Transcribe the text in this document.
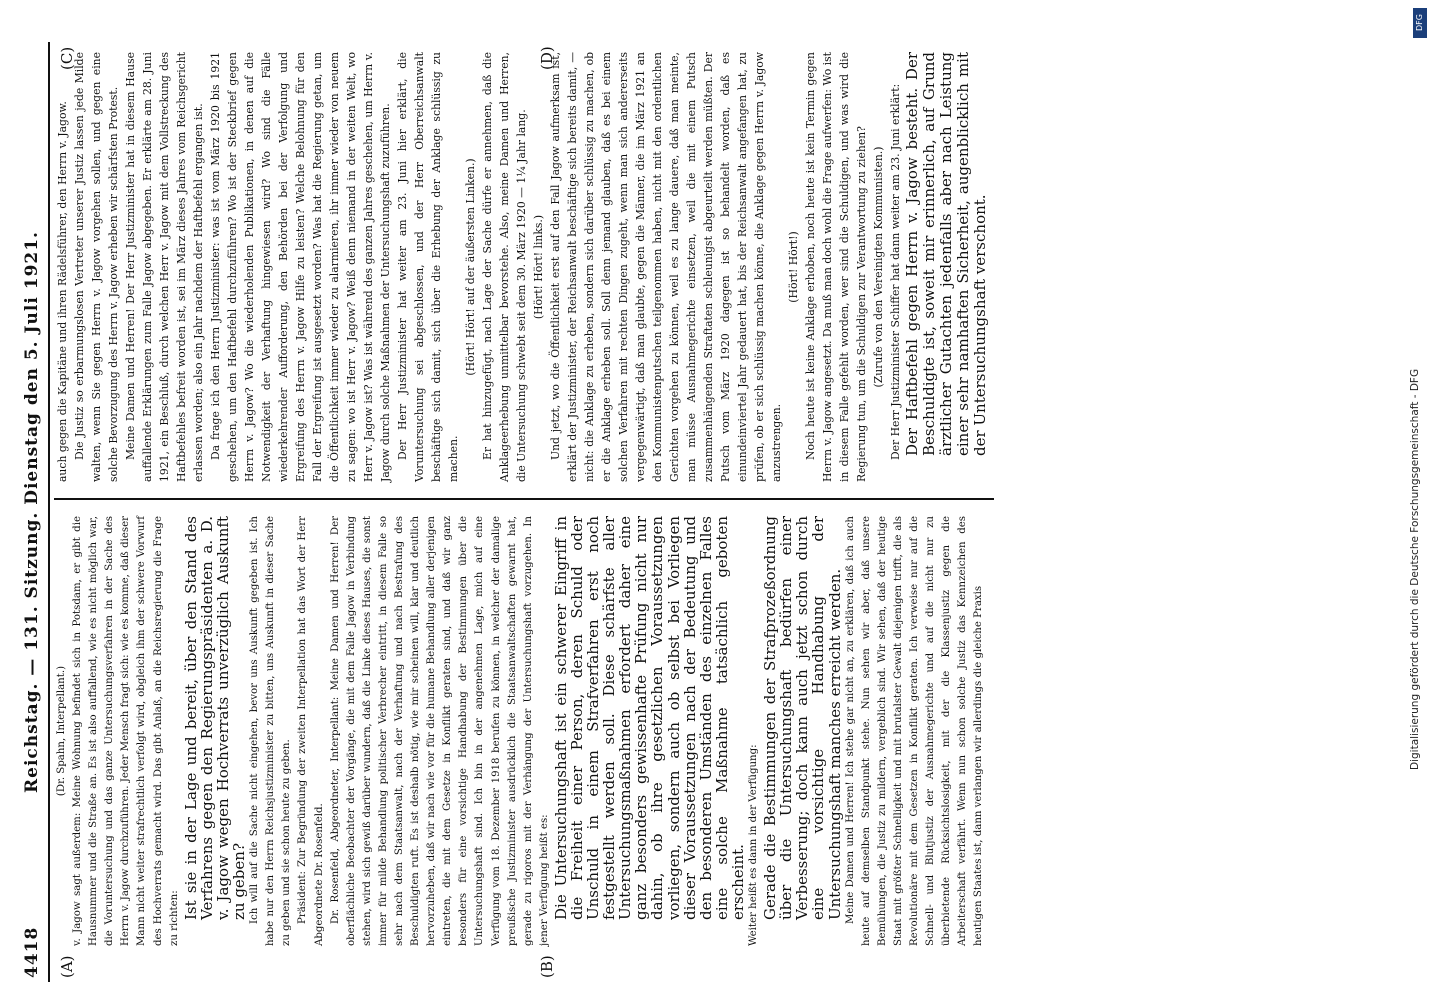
4418
Reichstag. — 131. Sitzung. Dienstag den 5. Juli 1921.
(A)	(B)
(C)	(D)

(Dr. Spahn, Interpellant.) v. Jagow sagt außerdem: Meine Wohnung befindet sich in Potsdam, er gibt die Hausnummer und die Straße an. Es ist also auffallend, wie es nicht möglich war, die Voruntersuchung und das ganze Untersuchungsverfahren in der Sache des Herrn v. Jagow durchzuführen. Jeder Mensch fragt sich: wie es komme, daß dieser Mann nicht weiter strafrechtlich verfolgt wird, obgleich ihm der schwere Vorwurf des Hochverrats gemacht wird. Das gibt Anlaß, an die Reichsregierung die Frage zu richten: Ist sie in der Lage und bereit, über den Stand des Verfahrens gegen den Regierungspräsidenten a. D. v. Jagow wegen Hochverrats unverzüglich Auskunft zu geben? Ich will auf die Sache nicht eingehen, bevor uns Auskunft gegeben ist. Ich habe nur den Herrn Reichsjustizminister zu bitten, uns Auskunft in dieser Sache zu geben und sie schon heute zu geben. Präsident: Zur Begründung der zweiten Interpellation hat das Wort der Herr Abgeordnete Dr. Rosenfeld. Dr. Rosenfeld, Abgeordneter, Interpellant: Meine Damen und Herren! Der oberflächliche Beobachter der Vorgänge, die mit dem Falle Jagow in Verbindung stehen, wird sich gewiß darüber wundern, daß die Linke dieses Hauses, die sonst immer für milde Behandlung politischer Verbrecher eintritt, in diesem Falle so sehr nach dem Staatsanwalt, nach der Verhaftung und nach Bestrafung des Beschuldigten ruft. Es ist deshalb nötig, wie mir scheinen will, klar und deutlich hervorzuheben, daß wir nach wie vor für die humane Behandlung aller derjenigen eintreten, die mit dem Gesetze in Konflikt geraten sind, und daß wir ganz besonders für eine vorsichtige Handhabung der Bestimmungen über die Untersuchungshaft sind. Ich bin in der angenehmen Lage, mich auf eine Verfügung vom 18. Dezember 1918 berufen zu können, in welcher der damalige preußische Justizminister ausdrücklich die Staatsanwaltschaften gewarnt hat, gerade zu rigoros mit der Verhängung der Untersuchungshaft vorzugehen. In jener Verfügung heißt es: Die Untersuchungshaft ist ein schwerer Eingriff in die Freiheit einer Person, deren Schuld oder Unschuld in einem Strafverfahren erst noch festgestellt werden soll. Diese schärfste aller Untersuchungsmaßnahmen erfordert daher eine ganz besonders gewissenhafte Prüfung nicht nur dahin, ob ihre gesetzlichen Voraussetzungen vorliegen, sondern auch ob selbst bei Vorliegen dieser Voraussetzungen nach der Bedeutung und den besonderen Umständen des einzelnen Falles eine solche Maßnahme tatsächlich geboten erscheint. Weiter heißt es dann in der Verfügung: Gerade die Bestimmungen der Strafprozeßordnung über die Untersuchungshaft bedürfen einer Verbesserung; doch kann auch jetzt schon durch eine vorsichtige Handhabung der Untersuchungshaft manches erreicht werden. Meine Damen und Herren! Ich stehe gar nicht an, zu erklären, daß ich auch heute auf demselben Standpunkt stehe. Nun sehen wir aber, daß unsere Bemühungen, die Justiz zu mildern, vergeblich sind. Wir sehen, daß der heutige Staat mit größter Schnelligkeit und mit brutalster Gewalt diejenigen trifft, die als Revolutionäre mit dem Gesetzen in Konflikt geraten. Ich verweise nur auf die Schnell- und Blutjustiz der Ausnahmegerichte und auf die nicht nur zu überbietende Rücksichtslosigkeit, mit der die Klassenjustiz gegen die Arbeiterschaft verfährt. Wenn nun schon solche Justiz das Kennzeichen des heutigen Staates ist, dann verlangen wir allerdings die gleiche Praxis

auch gegen die Kapitäne und ihren Rädelsführer, den Herrn v. Jagow. Die Justiz so erbarmungslosen Vertreter unserer Justiz lassen jede Milde walten, wenn Sie gegen Herrn v. Jagow vorgehen sollen, und gegen eine solche Bevorzugung des Herrn v. Jagow erheben wir schärfsten Protest. Meine Damen und Herren! Der Herr Justizminister hat in diesem Hause auffallende Erklärungen zum Falle Jagow abgegeben. Er erklärte am 28. Juni 1921, ein Beschluß, durch welchen Herr v. Jagow mit dem Vollstreckung des Haftbefehles befreit worden ist, sei im März dieses Jahres vom Reichsgericht erlassen worden; also ein Jahr nachdem der Haftbefehl ergangen ist. Da frage ich den Herrn Justizminister: was ist vom März 1920 bis 1921 geschehen, um den Haftbefehl durchzuführen? Wo ist der Steckbrief gegen Herrn v. Jagow? Wo die wiederholenden Publikationen, in denen auf die Notwendigkeit der Verhaftung hingewiesen wird? Wo sind die Fälle wiederkehrender Aufforderung, den Behörden bei der Verfolgung und Ergreifung des Herrn v. Jagow Hilfe zu leisten? Welche Belohnung für den Fall der Ergreifung ist ausgesetzt worden? Was hat die Regierung getan, um die Öffentlichkeit immer wieder zu alarmieren, ihr immer wieder von neuem zu sagen: wo ist Herr v. Jagow? Weiß denn niemand in der weiten Welt, wo Herr v. Jagow ist? Was ist während des ganzen Jahres geschehen, um Herrn v. Jagow durch solche Maßnahmen der Untersuchungshaft zuzuführen. Der Herr Justizminister hat weiter am 23. Juni hier erklärt, die Voruntersuchung sei abgeschlossen, und der Herr Oberreichsanwalt beschäftige sich damit, sich über die Erhebung der Anklage schlüssig zu machen.

(Hört! Hört! auf der äußersten Linken.) Er hat hinzugefügt, nach Lage der Sache dürfe er annehmen, daß die Anklageerhebung unmittelbar bevorstehe. Also, meine Damen und Herren, die Untersuchung schwebt seit dem 30. März 1920 — 1¼ Jahr lang. (Hört! Hört! links.) Und jetzt, wo die Öffentlichkeit erst auf den Fall Jagow aufmerksam ist, erklärt der Justizminister, der Reichsanwalt beschäftige sich bereits damit, — nicht: die Anklage zu erheben, sondern sich darüber schlüssig zu machen, ob er die Anklage erheben soll. Soll denn jemand glauben, daß es bei einem solchen Verfahren mit rechten Dingen zugeht, wenn man sich andererseits vergegenwärtigt, daß man glaubte, gegen die Männer, die im März 1921 an den Kommunistenputschen teilgenommen haben, nicht mit den ordentlichen Gerichten vorgehen zu können, weil es zu lange dauere, daß man meinte, man müsse Ausnahmegerichte einsetzen, weil die mit einem Putsch zusammenhängenden Straftaten schleunigst abgeurteilt werden müßten. Der Putsch vom März 1920 dagegen ist so behandelt worden, daß es einundeinviertel Jahr gedauert hat, bis der Reichsanwalt angefangen hat, zu prüfen, ob er sich schlüssig machen könne, die Anklage gegen Herrn v. Jagow anzustrengen.

(Hört! Hört!) Noch heute ist keine Anklage erhoben, noch heute ist kein Termin gegen Herrn v. Jagow angesetzt. Da muß man doch wohl die Frage aufwerfen: Wo ist in diesem Falle gefehlt worden, wer sind die Schuldigen, und was wird die Regierung tun, um die Schuldigen zur Verantwortung zu ziehen? (Zurufe von den Vereinigten Kommunisten.) Der Herr Justizminister Schiffer hat dann weiter am 23. Juni erklärt: Der Haftbefehl gegen Herrn v. Jagow besteht. Der Beschuldigte ist, soweit mir erinnerlich, auf Grund ärztlicher Gutachten jedenfalls aber nach Leistung einer sehr namhaften Sicherheit, augenblicklich mit der Untersuchungshaft verschont.

DFG
Digitalisierung gefördert durch die Deutsche Forschungsgemeinschaft - DFG
